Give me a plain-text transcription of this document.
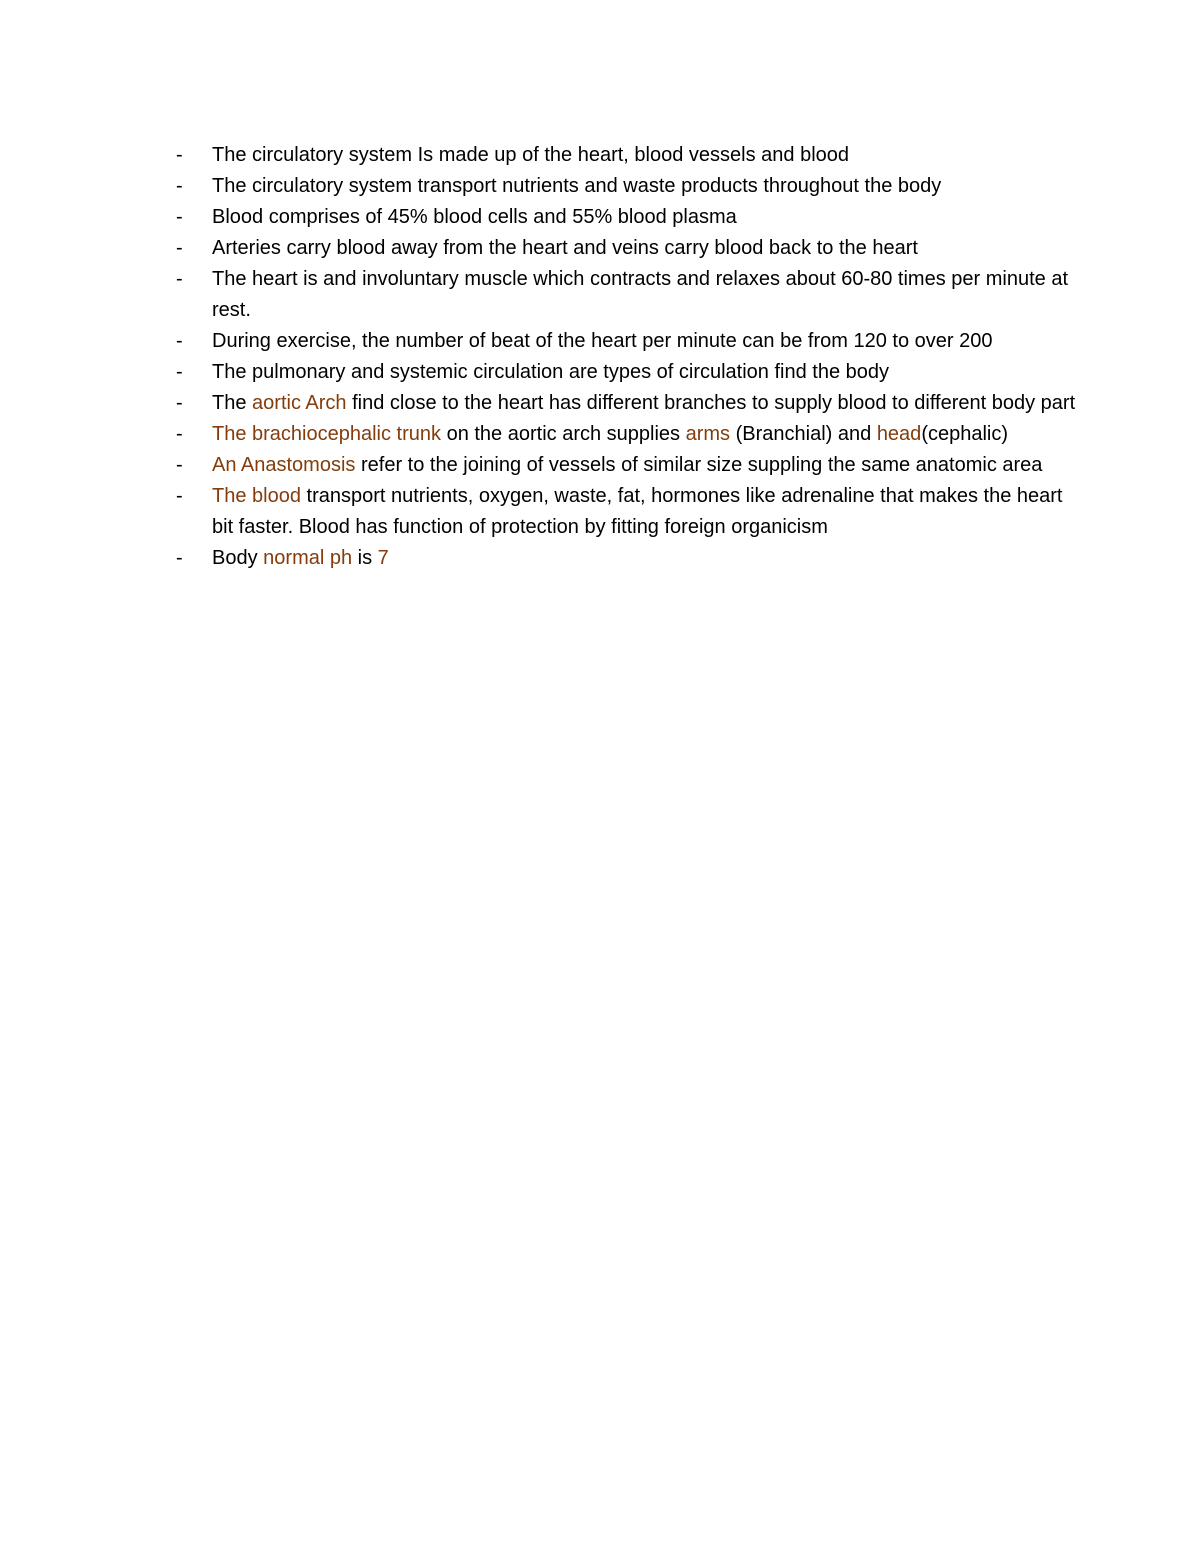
- The circulatory system Is made up of the heart, blood vessels and blood
- The circulatory system transport nutrients and waste products throughout the body
- Blood comprises of 45% blood cells and 55% blood plasma
- Arteries carry blood away from the heart and veins carry blood back to the heart
- The heart is and involuntary muscle which contracts and relaxes about 60-80 times per minute at rest.
- During exercise, the number of beat of the heart per minute can be from 120 to over 200
- The pulmonary and systemic circulation are types of circulation find the body
- The aortic Arch find close to the heart has different branches to supply blood to different body part
- The brachiocephalic trunk on the aortic arch supplies arms (Branchial) and head(cephalic)
- An Anastomosis refer to the joining of vessels of similar size suppling the same anatomic area
- The blood transport nutrients, oxygen, waste, fat, hormones like adrenaline that makes the heart bit faster. Blood has function of protection by fitting foreign organicism
- Body normal ph is 7
